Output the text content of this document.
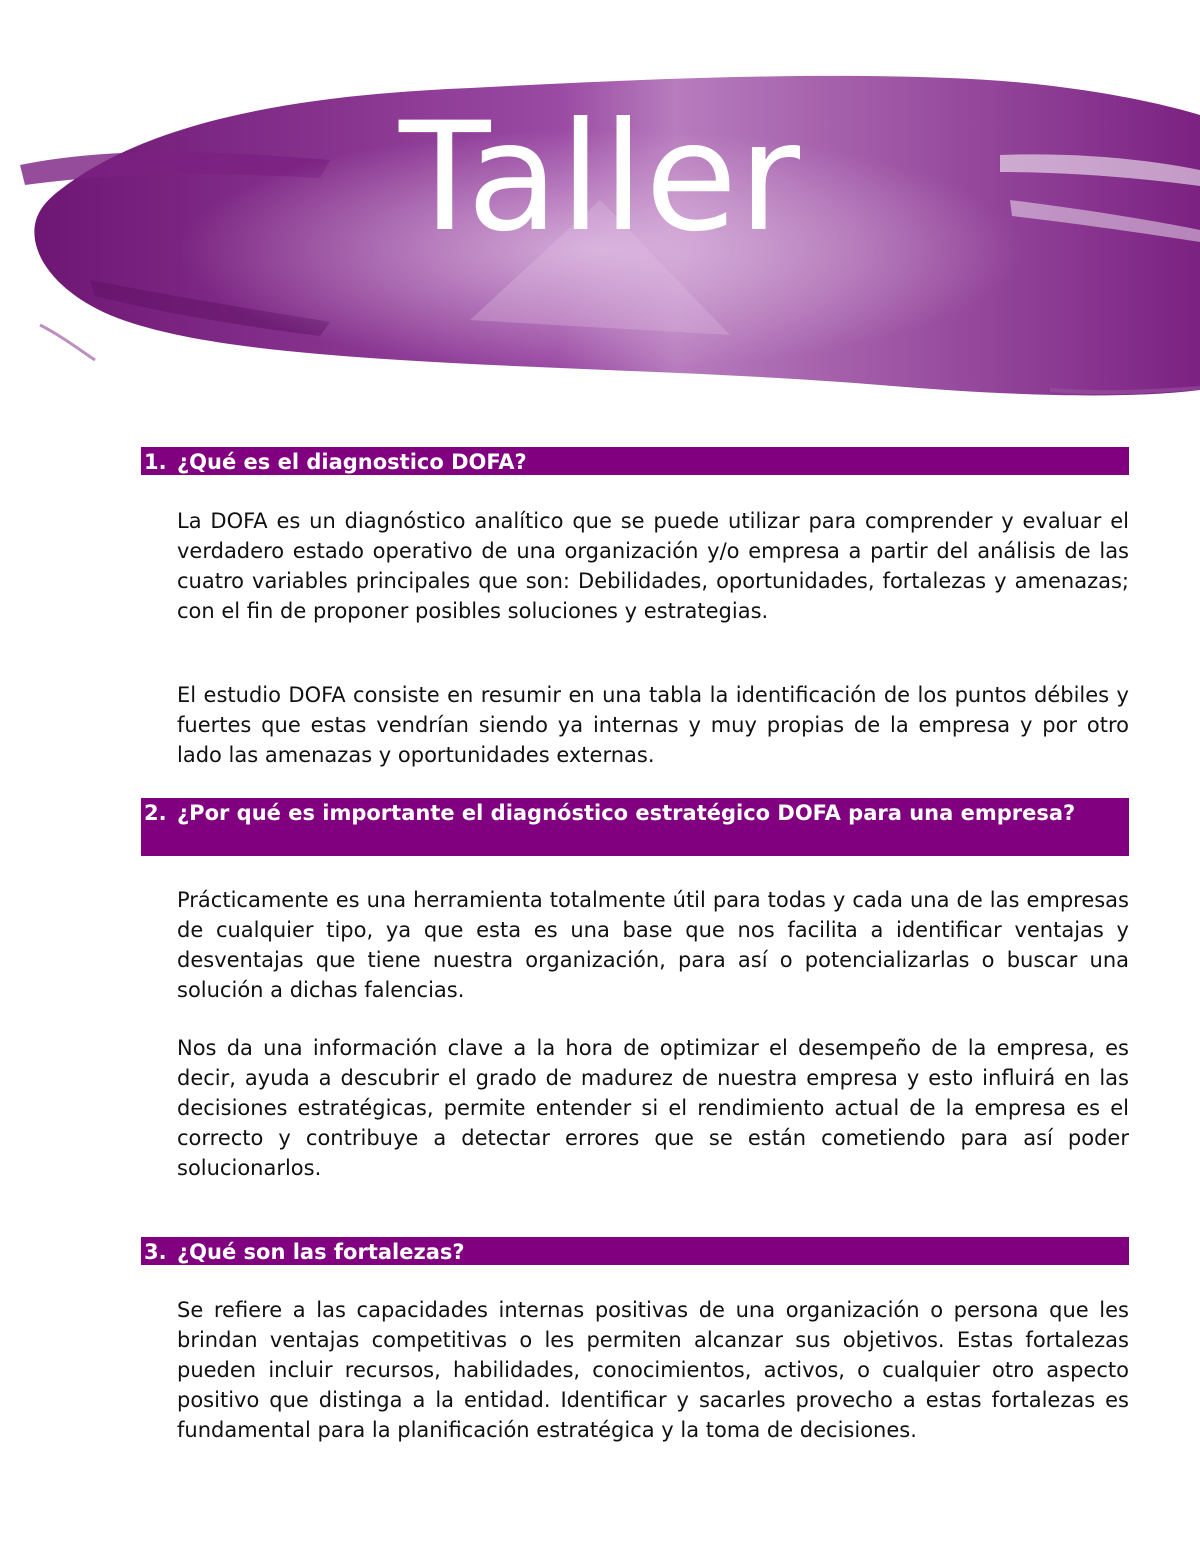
Taller
1. ¿Qué es el diagnostico DOFA?

La DOFA es un diagnóstico analítico que se puede utilizar para comprender y evaluar el verdadero estado operativo de una organización y/o empresa a partir del análisis de las cuatro variables principales que son: Debilidades, oportunidades, fortalezas y amenazas; con el fin de proponer posibles soluciones y estrategias.

El estudio DOFA consiste en resumir en una tabla la identificación de los puntos débiles y fuertes que estas vendrían siendo ya internas y muy propias de la empresa y por otro lado las amenazas y oportunidades externas.

2. ¿Por qué es importante el diagnóstico estratégico DOFA para una empresa?

Prácticamente es una herramienta totalmente útil para todas y cada una de las empresas de cualquier tipo, ya que esta es una base que nos facilita a identificar ventajas y desventajas que tiene nuestra organización, para así o potencializarlas o buscar una solución a dichas falencias.

Nos da una información clave a la hora de optimizar el desempeño de la empresa, es decir, ayuda a descubrir el grado de madurez de nuestra empresa y esto influirá en las decisiones estratégicas, permite entender si el rendimiento actual de la empresa es el correcto y contribuye a detectar errores que se están cometiendo para así poder solucionarlos.

3. ¿Qué son las fortalezas?

Se refiere a las capacidades internas positivas de una organización o persona que les brindan ventajas competitivas o les permiten alcanzar sus objetivos. Estas fortalezas pueden incluir recursos, habilidades, conocimientos, activos, o cualquier otro aspecto positivo que distinga a la entidad. Identificar y sacarles provecho a estas fortalezas es fundamental para la planificación estratégica y la toma de decisiones.
